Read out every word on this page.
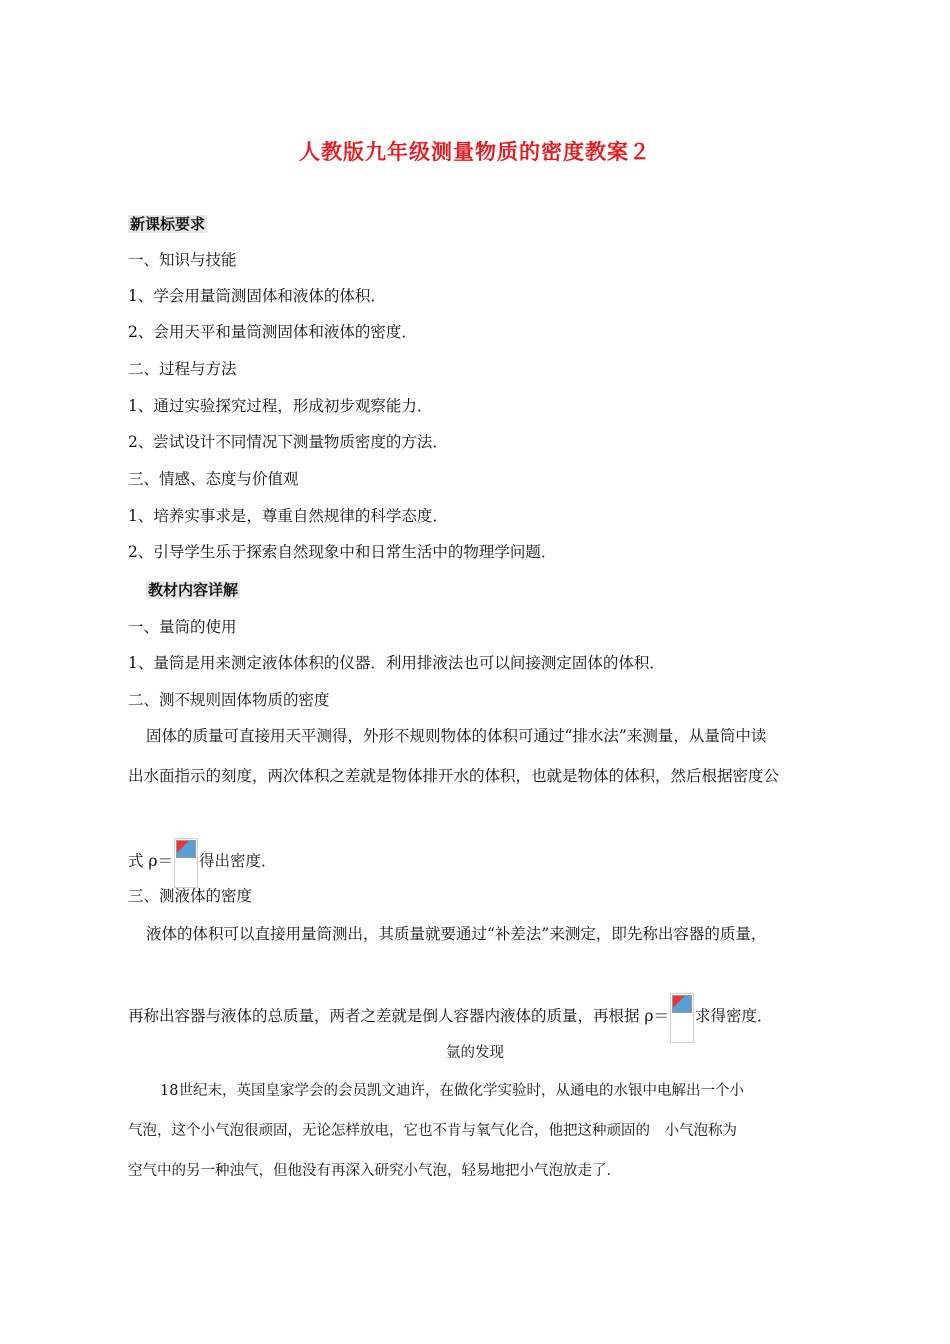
人教版九年级测量物质的密度教案２
新课标要求
一、知识与技能
1、学会用量筒测固体和液体的体积．
2、会用天平和量筒测固体和液体的密度．
二、过程与方法
1、通过实验探究过程，形成初步观察能力．
2、尝试设计不同情况下测量物质密度的方法．
三、情感、态度与价值观
1、培养实事求是，尊重自然规律的科学态度．
2、引导学生乐于探索自然现象中和日常生活中的物理学问题．
教材内容详解
一、量筒的使用
1、量筒是用来测定液体体积的仪器．利用排液法也可以间接测定固体的体积．
二、测不规则固体物质的密度
固体的质量可直接用天平测得，外形不规则物体的体积可通过“排水法”来测量，从量筒中读
出水面指示的刻度，两次体积之差就是物体排开水的体积，也就是物体的体积，然后根据密度公
式 ρ＝ 得出密度．
三、测液体的密度
液体的体积可以直接用量筒测出，其质量就要通过“补差法”来测定，即先称出容器的质量，
再称出容器与液体的总质量，两者之差就是倒人容器内液体的质量，再根据 ρ＝ 求得密度．
氩的发现
18世纪末，英国皇家学会的会员凯文迪许，在做化学实验时，从通电的水银中电解出一个小
气泡，这个小气泡很顽固，无论怎样放电，它也不肯与氧气化合，他把这种顽固的　小气泡称为
空气中的另一种浊气，但他没有再深入研究小气泡，轻易地把小气泡放走了．
